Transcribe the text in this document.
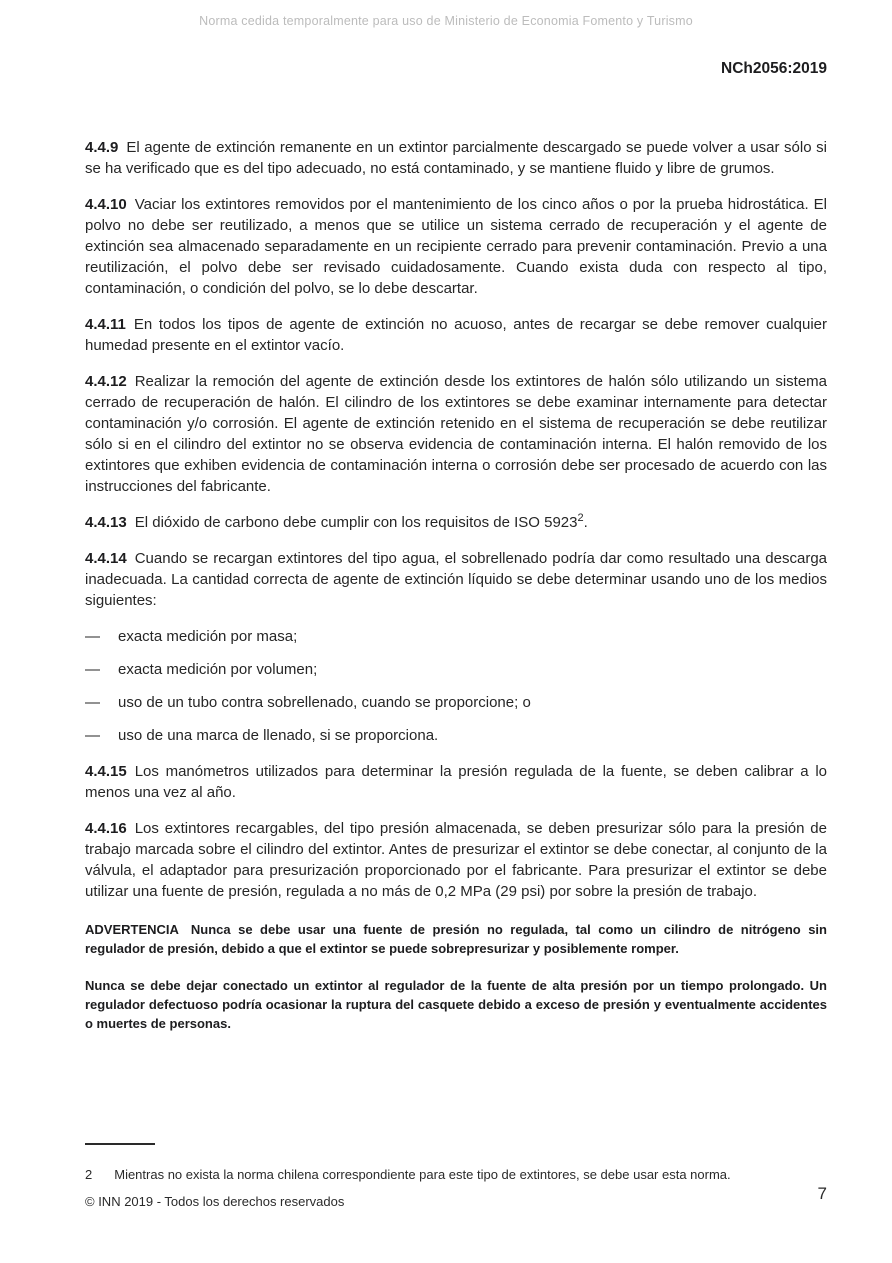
Norma cedida temporalmente para uso de Ministerio de Economia Fomento y Turismo
NCh2056:2019

4.4.9 El agente de extinción remanente en un extintor parcialmente descargado se puede volver a usar sólo si se ha verificado que es del tipo adecuado, no está contaminado, y se mantiene fluido y libre de grumos.

4.4.10 Vaciar los extintores removidos por el mantenimiento de los cinco años o por la prueba hidrostática. El polvo no debe ser reutilizado, a menos que se utilice un sistema cerrado de recuperación y el agente de extinción sea almacenado separadamente en un recipiente cerrado para prevenir contaminación. Previo a una reutilización, el polvo debe ser revisado cuidadosamente. Cuando exista duda con respecto al tipo, contaminación, o condición del polvo, se lo debe descartar.

4.4.11 En todos los tipos de agente de extinción no acuoso, antes de recargar se debe remover cualquier humedad presente en el extintor vacío.

4.4.12 Realizar la remoción del agente de extinción desde los extintores de halón sólo utilizando un sistema cerrado de recuperación de halón. El cilindro de los extintores se debe examinar internamente para detectar contaminación y/o corrosión. El agente de extinción retenido en el sistema de recuperación se debe reutilizar sólo si en el cilindro del extintor no se observa evidencia de contaminación interna. El halón removido de los extintores que exhiben evidencia de contaminación interna o corrosión debe ser procesado de acuerdo con las instrucciones del fabricante.

4.4.13 El dióxido de carbono debe cumplir con los requisitos de ISO 5923$^2$.

4.4.14 Cuando se recargan extintores del tipo agua, el sobrellenado podría dar como resultado una descarga inadecuada. La cantidad correcta de agente de extinción líquido se debe determinar usando uno de los medios siguientes:

— exacta medición por masa;
— exacta medición por volumen;
— uso de un tubo contra sobrellenado, cuando se proporcione; o
— uso de una marca de llenado, si se proporciona.

4.4.15 Los manómetros utilizados para determinar la presión regulada de la fuente, se deben calibrar a lo menos una vez al año.

4.4.16 Los extintores recargables, del tipo presión almacenada, se deben presurizar sólo para la presión de trabajo marcada sobre el cilindro del extintor. Antes de presurizar el extintor se debe conectar, al conjunto de la válvula, el adaptador para presurización proporcionado por el fabricante. Para presurizar el extintor se debe utilizar una fuente de presión, regulada a no más de 0,2 MPa (29 psi) por sobre la presión de trabajo.

ADVERTENCIA Nunca se debe usar una fuente de presión no regulada, tal como un cilindro de nitrógeno sin regulador de presión, debido a que el extintor se puede sobrepresurizar y posiblemente romper.

Nunca se debe dejar conectado un extintor al regulador de la fuente de alta presión por un tiempo prolongado. Un regulador defectuoso podría ocasionar la ruptura del casquete debido a exceso de presión y eventualmente accidentes o muertes de personas.

2 Mientras no exista la norma chilena correspondiente para este tipo de extintores, se debe usar esta norma.

© INN 2019 - Todos los derechos reservados	7
